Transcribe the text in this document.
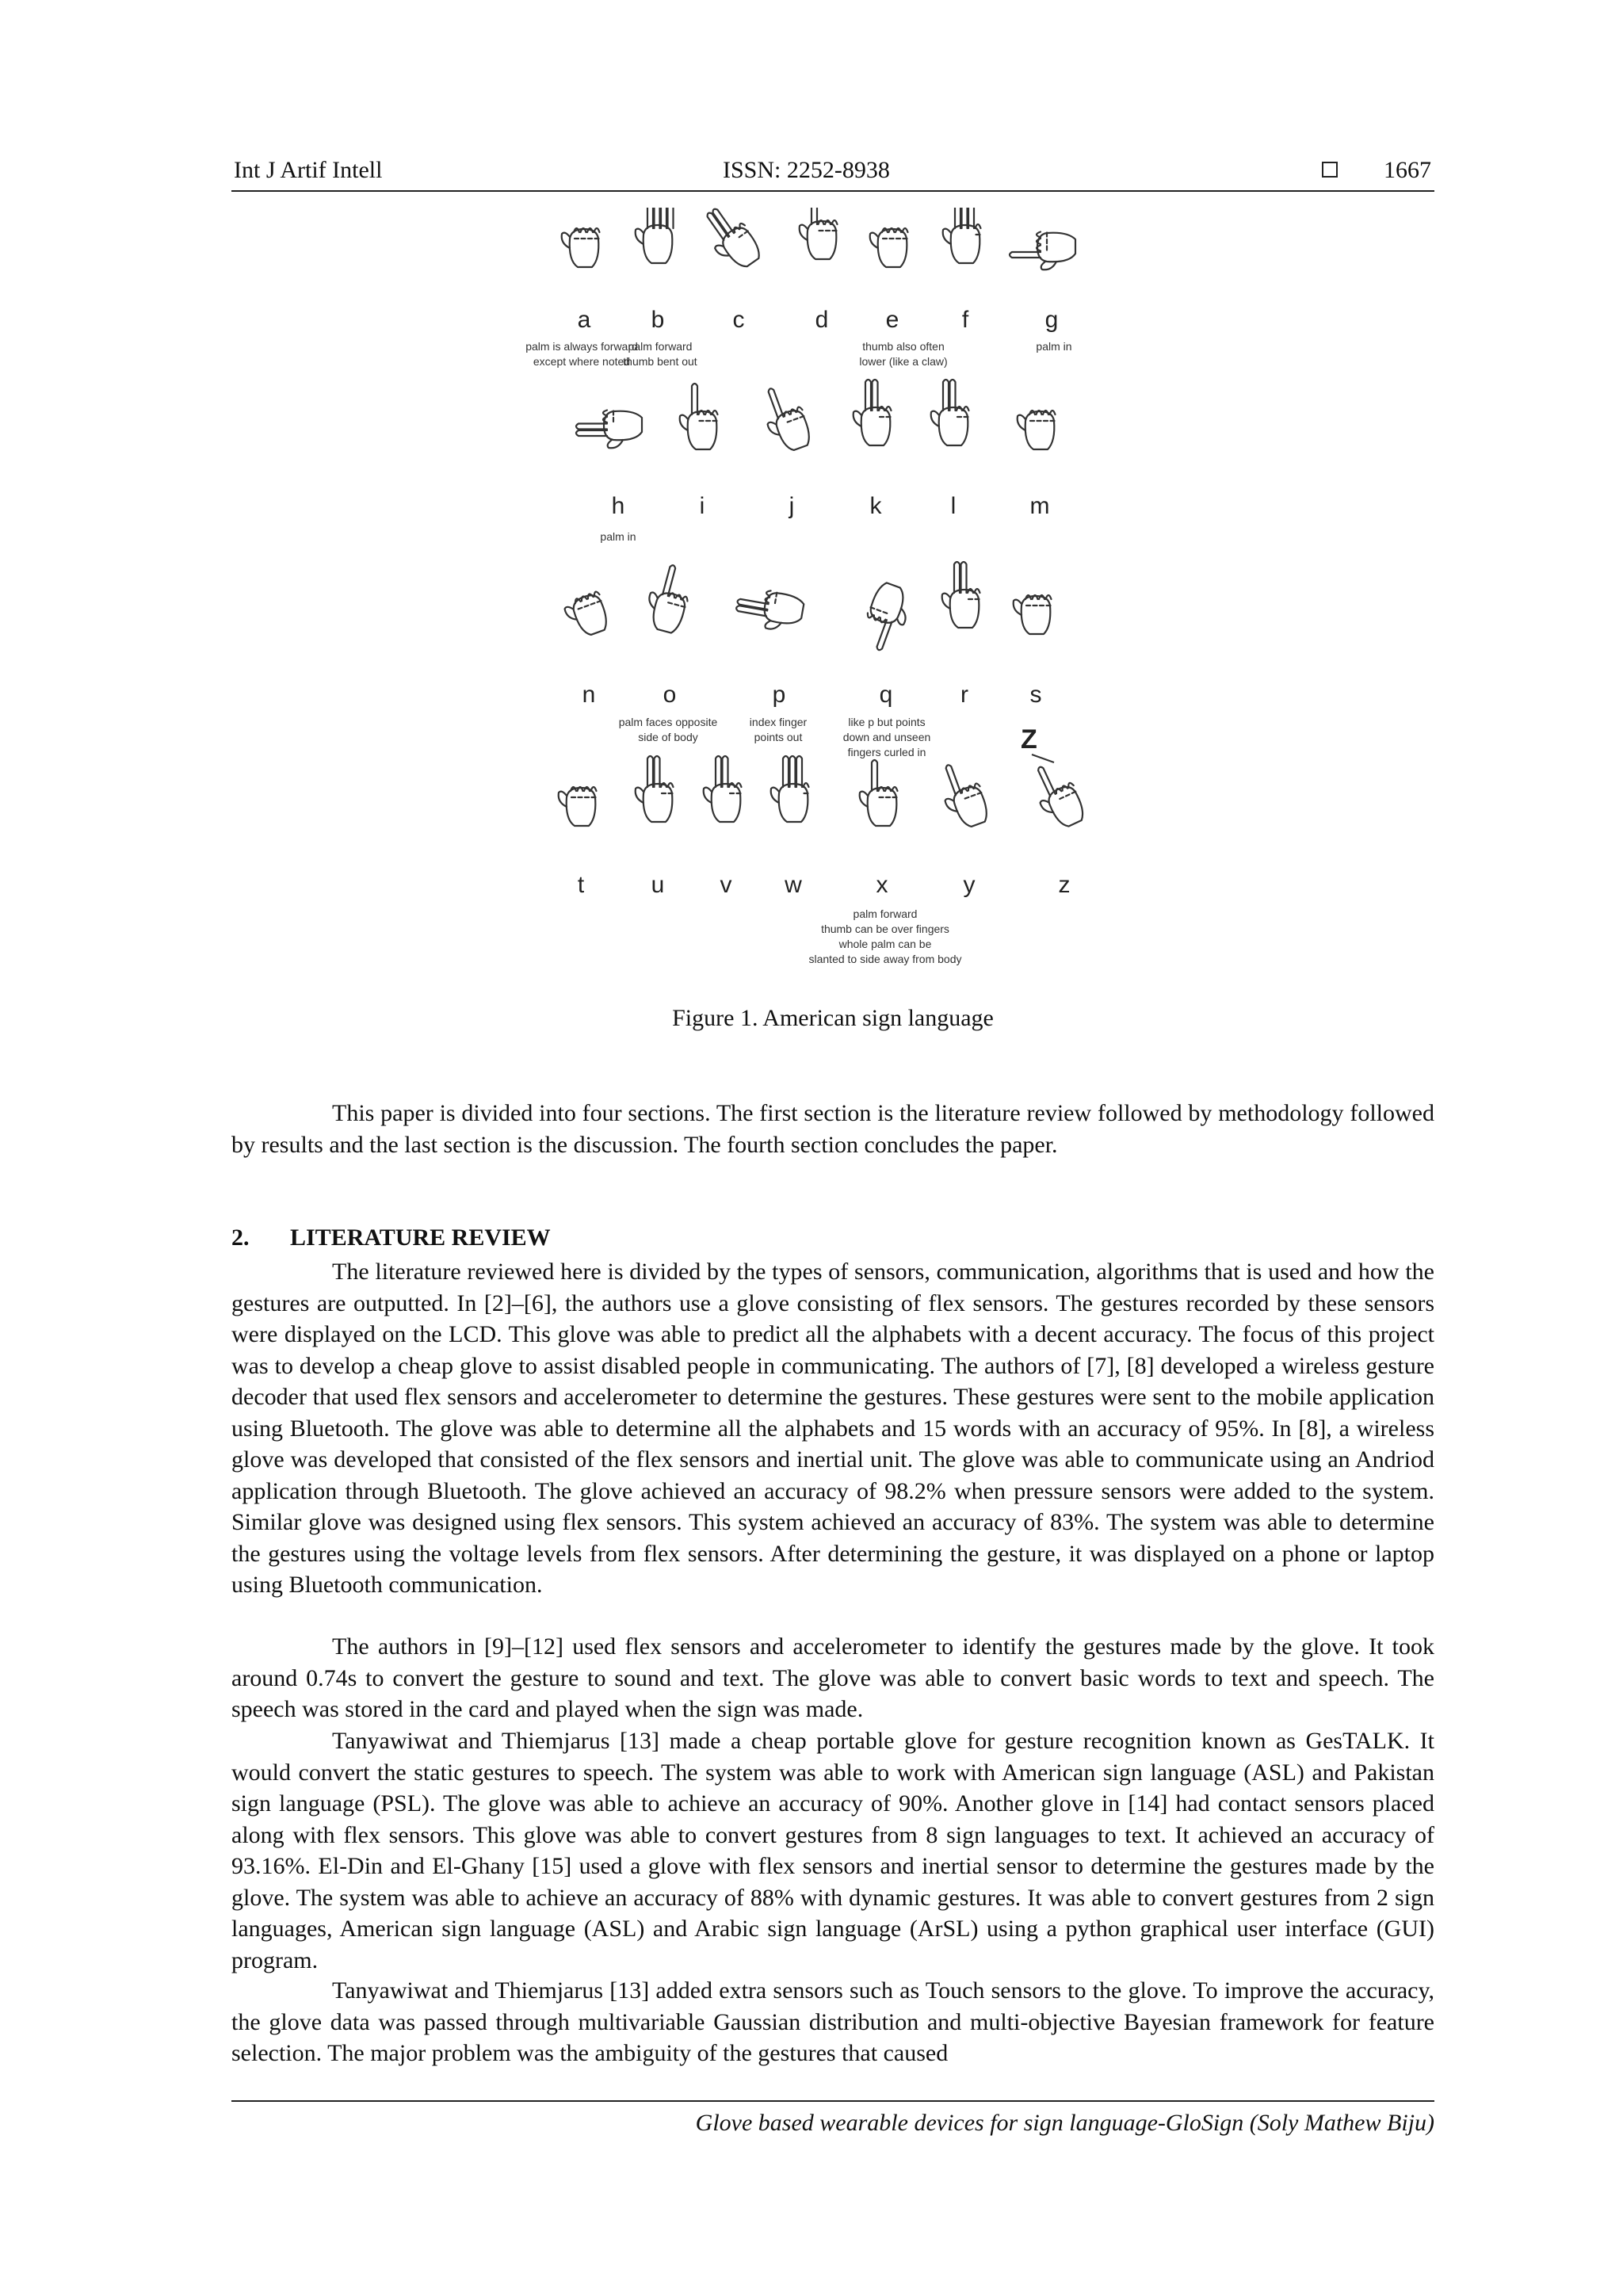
Int J Artif Intell	ISSN: 2252-8938	1667
a	b	c	d e	f	g
palm is always forward
except where noted
palm forward
thumb bent out
thumb also often
lower (like a claw)
palm in
h	i	j	k	l	m
palm in
n	o	p	q	r	s
palm faces opposite
side of body
index finger
points out
like p but points
down and unseen
fingers curled in	Z
t	u v w	x	y	z
palm forward
thumb can be over fingers
whole palm can be
slanted to side away from body
Figure 1. American sign language

This paper is divided into four sections. The first section is the literature review followed by methodology followed by results and the last section is the discussion. The fourth section concludes the paper.

2. LITERATURE REVIEW

The literature reviewed here is divided by the types of sensors, communication, algorithms that is used and how the gestures are outputted. In [2]–[6], the authors use a glove consisting of flex sensors. The gestures recorded by these sensors were displayed on the LCD. This glove was able to predict all the alphabets with a decent accuracy. The focus of this project was to develop a cheap glove to assist disabled people in communicating. The authors of [7], [8] developed a wireless gesture decoder that used flex sensors and accelerometer to determine the gestures. These gestures were sent to the mobile application using Bluetooth. The glove was able to determine all the alphabets and 15 words with an accuracy of 95%. In [8], a wireless glove was developed that consisted of the flex sensors and inertial unit. The glove was able to communicate using an Andriod application through Bluetooth. The glove achieved an accuracy of 98.2% when pressure sensors were added to the system. Similar glove was designed using flex sensors. This system achieved an accuracy of 83%. The system was able to determine the gestures using the voltage levels from flex sensors. After determining the gesture, it was displayed on a phone or laptop using Bluetooth communication.

The authors in [9]–[12] used flex sensors and accelerometer to identify the gestures made by the glove. It took around 0.74s to convert the gesture to sound and text. The glove was able to convert basic words to text and speech. The speech was stored in the card and played when the sign was made.

Tanyawiwat and Thiemjarus [13] made a cheap portable glove for gesture recognition known as GesTALK. It would convert the static gestures to speech. The system was able to work with American sign language (ASL) and Pakistan sign language (PSL). The glove was able to achieve an accuracy of 90%. Another glove in [14] had contact sensors placed along with flex sensors. This glove was able to convert gestures from 8 sign languages to text. It achieved an accuracy of 93.16%. El-Din and El-Ghany [15] used a glove with flex sensors and inertial sensor to determine the gestures made by the glove. The system was able to achieve an accuracy of 88% with dynamic gestures. It was able to convert gestures from 2 sign languages, American sign language (ASL) and Arabic sign language (ArSL) using a python graphical user interface (GUI) program.

Tanyawiwat and Thiemjarus [13] added extra sensors such as Touch sensors to the glove. To improve the accuracy, the glove data was passed through multivariable Gaussian distribution and multi-objective Bayesian framework for feature selection. The major problem was the ambiguity of the gestures that caused

Glove based wearable devices for sign language-GloSign (Soly Mathew Biju)
